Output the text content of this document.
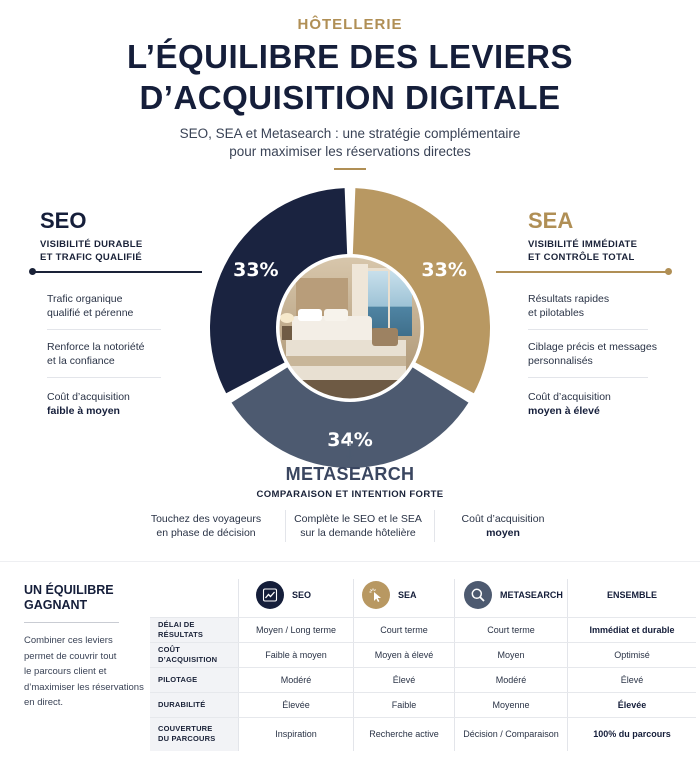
HÔTELLERIE
L’ÉQUILIBRE DES LEVIERS
D’ACQUISITION DIGITALE
SEO, SEA et Metasearch : une stratégie complémentaire
pour maximiser les réservations directes
SEO
VISIBILITÉ DURABLE
ET TRAFIC QUALIFIÉ
Trafic organique
qualifié et pérenne
Renforce la notoriété
et la confiance
Coût d’acquisition
faible à moyen
SEA
VISIBILITÉ IMMÉDIATE
ET CONTRÔLE TOTAL
Résultats rapides
et pilotables
Ciblage précis et messages
personnalisés
Coût d’acquisition
moyen à élevé
33%	33%
34%
METASEARCH
COMPARAISON ET INTENTION FORTE
Touchez des voyageurs
en phase de décision
Complète le SEO et le SEA
sur la demande hôtelière
Coût d’acquisition
moyen
UN ÉQUILIBRE
GAGNANT
Combiner ces leviers
permet de couvrir tout
le parcours client et
d’maximiser les réservations
en direct.
SEO	SEA	METASEARCH	ENSEMBLE
DÉLAI DE RÉSULTATS	Moyen / Long terme	Court terme	Court terme	Immédiat et durable
COÛT D’ACQUISITION	Faible à moyen	Moyen à élevé	Moyen	Optimisé
PILOTAGE	Modéré	Élevé	Modéré	Élevé
DURABILITÉ	Élevée	Faible	Moyenne	Élevée
COUVERTURE
DU PARCOURS	Inspiration	Recherche active	Décision / Comparaison	100% du parcours
